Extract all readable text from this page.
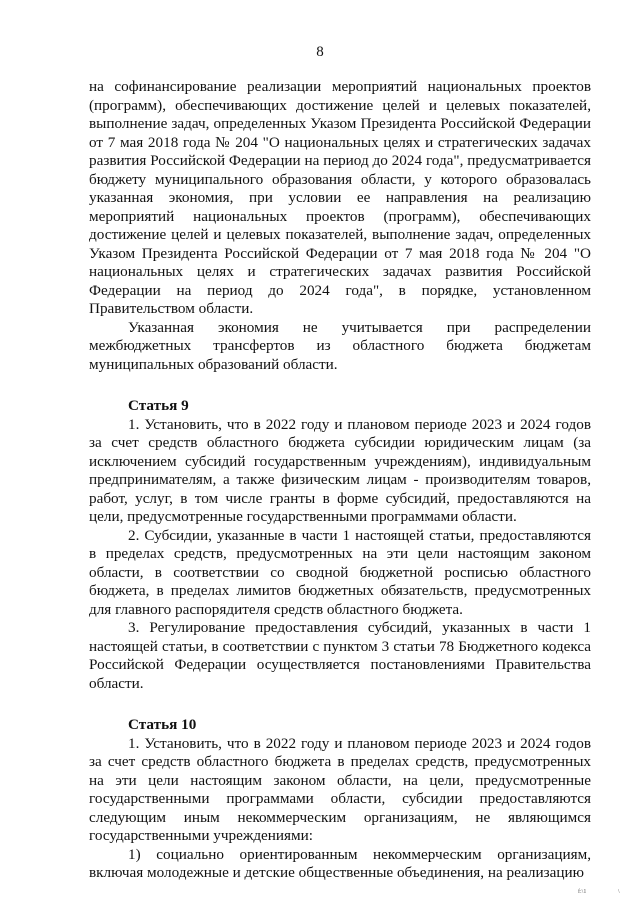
8

на софинансирование реализации мероприятий национальных проектов (программ), обеспечивающих достижение целей и целевых показателей, выполнение задач, определенных Указом Президента Российской Федерации от 7 мая 2018 года № 204 "О национальных целях и стратегических задачах развития Российской Федерации на период до 2024 года", предусматривается бюджету муниципального образования области, у которого образовалась указанная экономия, при условии ее направления на реализацию мероприятий национальных проектов (программ), обеспечивающих достижение целей и целевых показателей, выполнение задач, определенных Указом Президента Российской Федерации от 7 мая 2018 года № 204 "О национальных целях и стратегических задачах развития Российской Федерации на период до 2024 года", в порядке, установленном Правительством области.

Указанная экономия не учитывается при распределении межбюджетных трансфертов из областного бюджета бюджетам муниципальных образований области.

Статья 9

1. Установить, что в 2022 году и плановом периоде 2023 и 2024 годов за счет средств областного бюджета субсидии юридическим лицам (за исключением субсидий государственным учреждениям), индивидуальным предпринимателям, а также физическим лицам - производителям товаров, работ, услуг, в том числе гранты в форме субсидий, предоставляются на цели, предусмотренные государственными программами области.

2. Субсидии, указанные в части 1 настоящей статьи, предоставляются в пределах средств, предусмотренных на эти цели настоящим законом области, в соответствии со сводной бюджетной росписью областного бюджета, в пределах лимитов бюджетных обязательств, предусмотренных для главного распорядителя средств областного бюджета.

3. Регулирование предоставления субсидий, указанных в части 1 настоящей статьи, в соответствии с пунктом 3 статьи 78 Бюджетного кодекса Российской Федерации осуществляется постановлениями Правительства области.

Статья 10

1. Установить, что в 2022 году и плановом периоде 2023 и 2024 годов за счет средств областного бюджета в пределах средств, предусмотренных на эти цели настоящим законом области, на цели, предусмотренные государственными программами области, субсидии предоставляются следующим иным некоммерческим организациям, не являющимся государственными учреждениями:

1) социально ориентированным некоммерческим организациям, включая молодежные и детские общественные объединения, на реализацию

f:\1	\
